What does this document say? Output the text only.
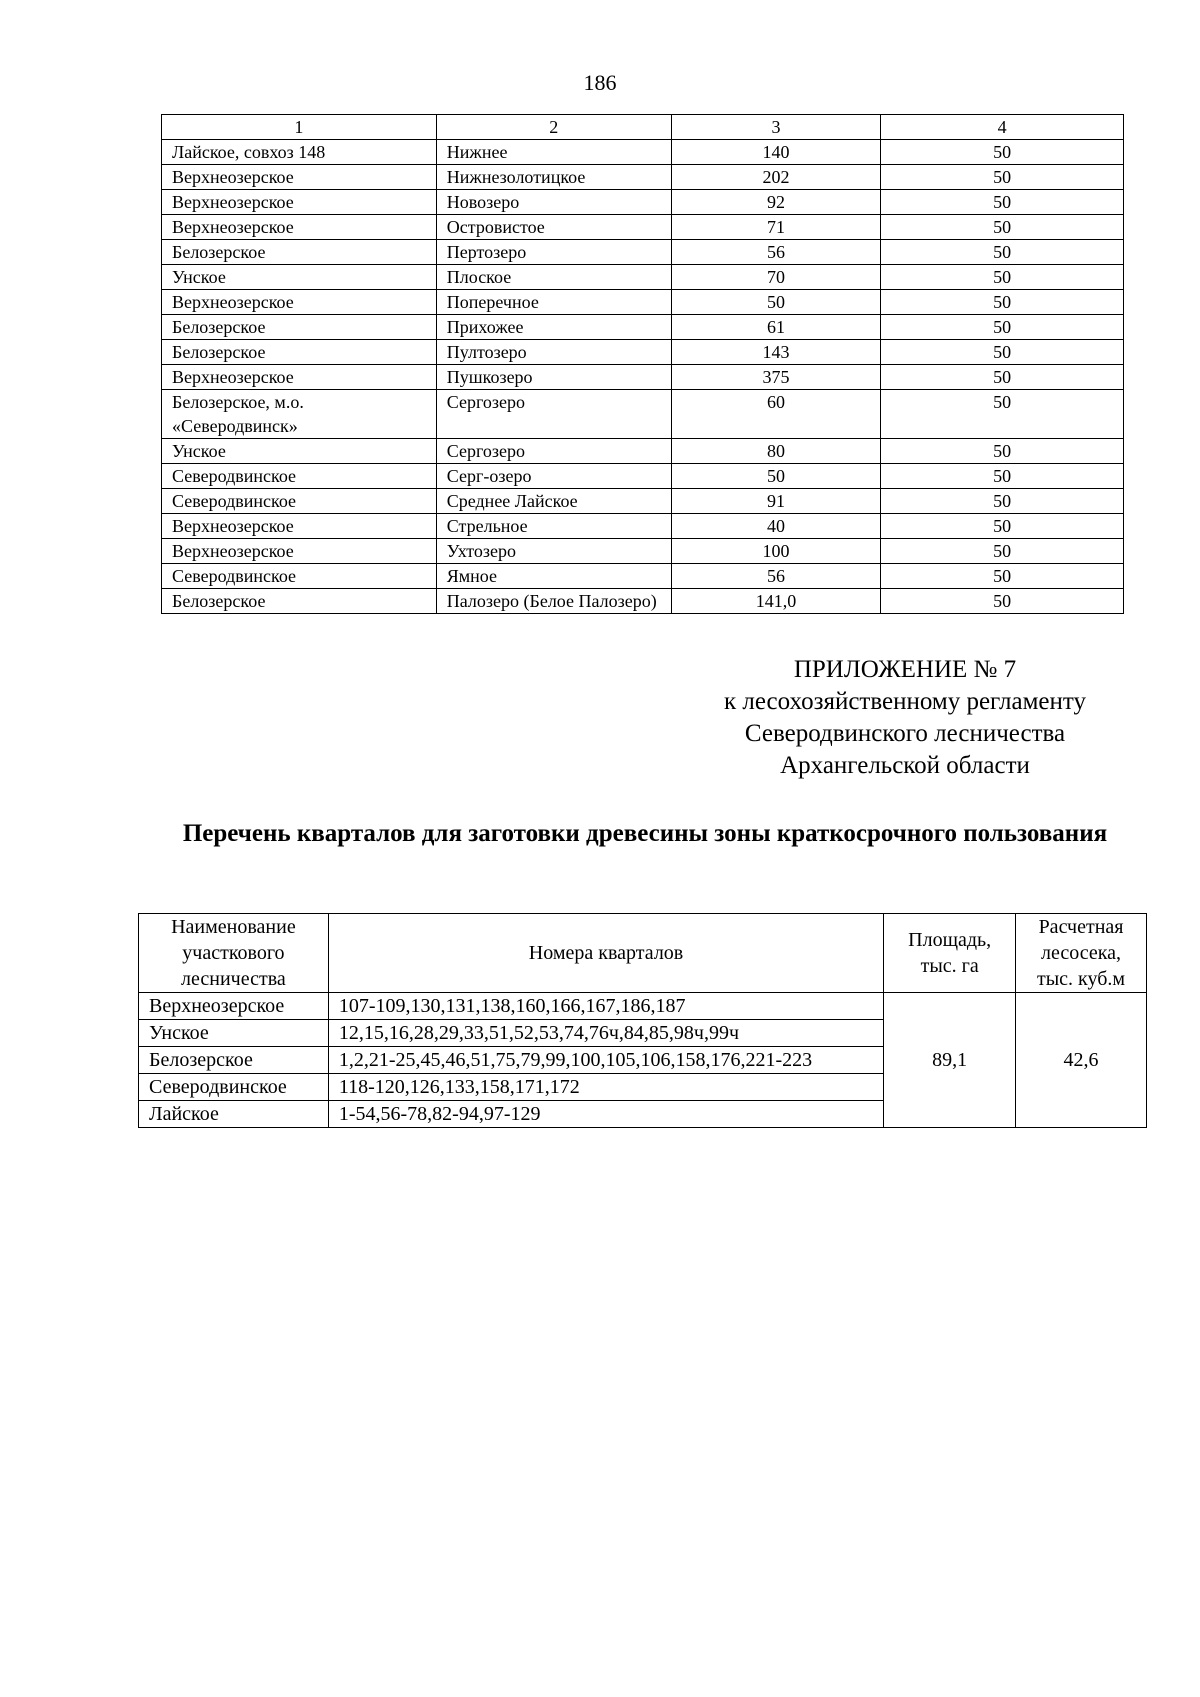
186
1	2	3	4
Лайское, совхоз 148	Нижнее	140	50
Верхнеозерское	Нижнезолотицкое	202	50
Верхнеозерское	Новозеро	92	50
Верхнеозерское	Островистое	71	50
Белозерское	Пертозеро	56	50
Унское	Плоское	70	50
Верхнеозерское	Поперечное	50	50
Белозерское	Прихожее	61	50
Белозерское	Пултозеро	143	50
Верхнеозерское	Пушкозеро	375	50
Белозерское, м.о. «Северодвинск»	Сергозеро	60	50
Унское	Сергозеро	80	50
Северодвинское	Серг-озеро	50	50
Северодвинское	Среднее Лайское	91	50
Верхнеозерское	Стрельное	40	50
Верхнеозерское	Ухтозеро	100	50
Северодвинское	Ямное	56	50
Белозерское	Палозеро (Белое Палозеро)	141,0	50
ПРИЛОЖЕНИЕ № 7
к лесохозяйственному регламенту
Северодвинского лесничества
Архангельской области
Перечень кварталов для заготовки древесины зоны краткосрочного пользования
Наименование участкового лесничества	Номера кварталов	Площадь, тыс. га	Расчетная лесосека, тыс. куб.м
Верхнеозерское	107-109,130,131,138,160,166,167,186,187	89,1	42,6
Унское	12,15,16,28,29,33,51,52,53,74,76ч,84,85,98ч,99ч		
Белозерское	1,2,21-25,45,46,51,75,79,99,100,105,106,158,176,221-223		
Северодвинское	118-120,126,133,158,171,172		
Лайское	1-54,56-78,82-94,97-129		
